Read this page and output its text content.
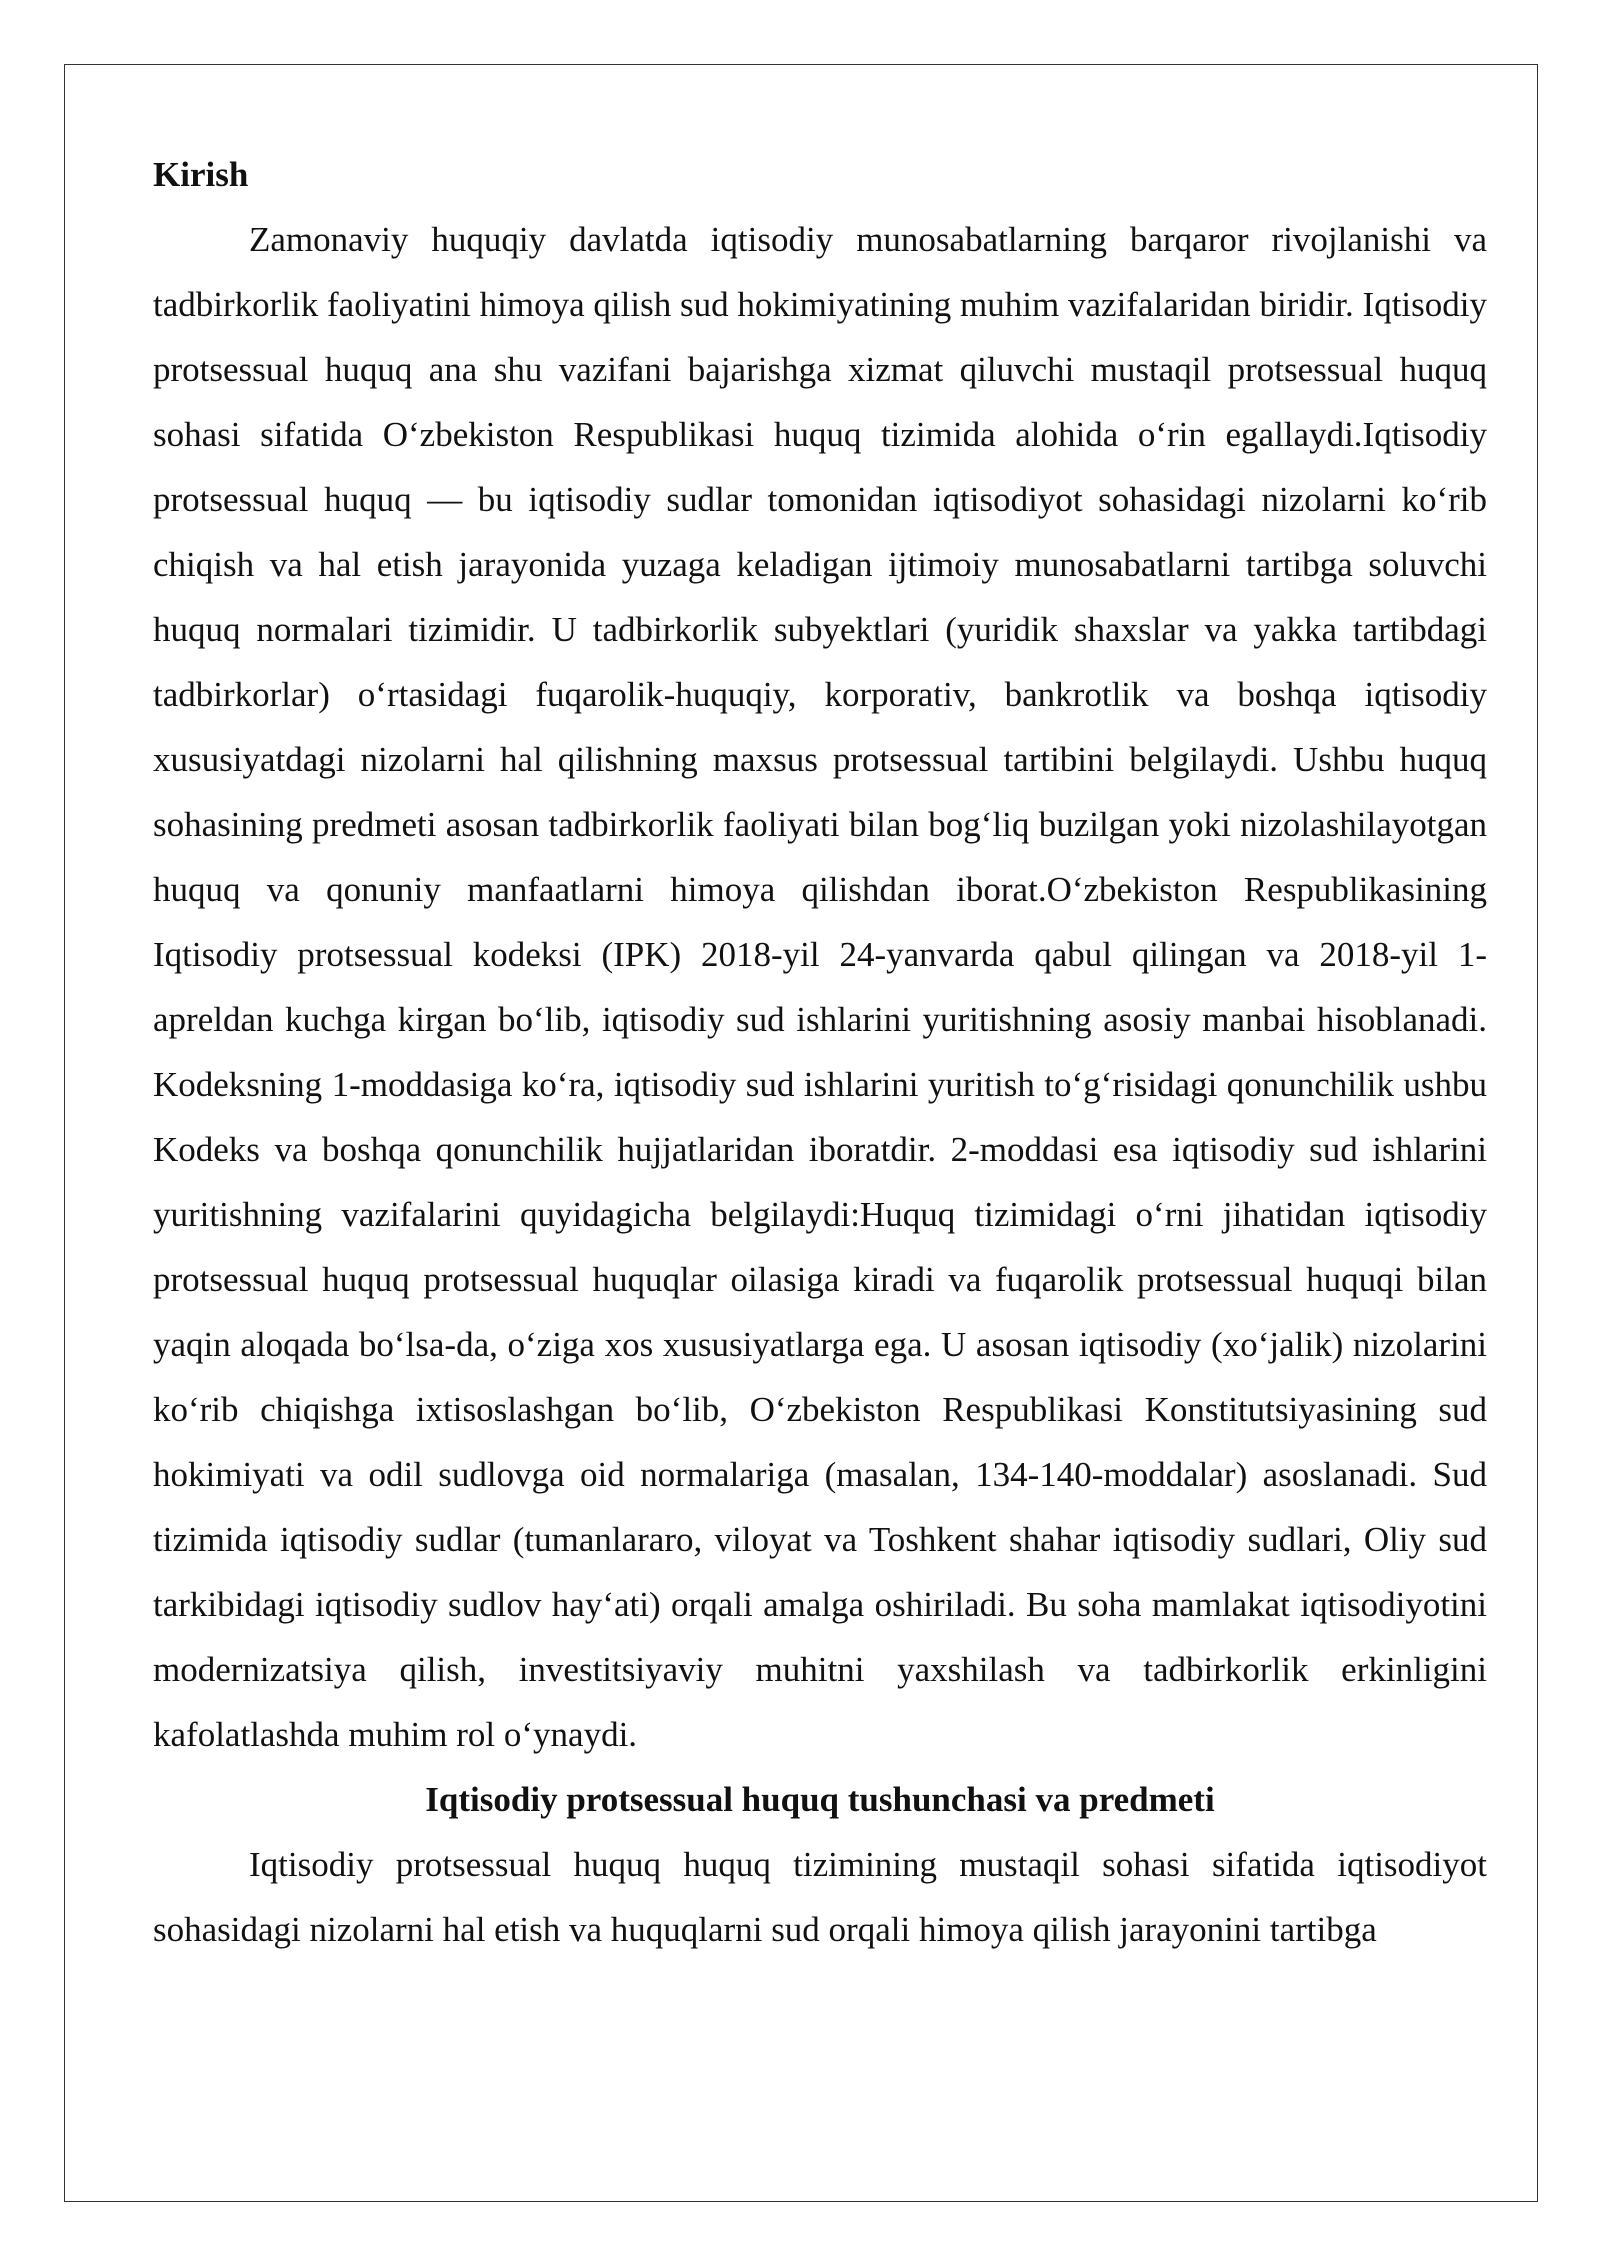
Kirish

Zamonaviy huquqiy davlatda iqtisodiy munosabatlarning barqaror rivojlanishi va tadbirkorlik faoliyatini himoya qilish sud hokimiyatining muhim vazifalaridan biridir. Iqtisodiy protsessual huquq ana shu vazifani bajarishga xizmat qiluvchi mustaqil protsessual huquq sohasi sifatida O‘zbekiston Respublikasi huquq tizimida alohida o‘rin egallaydi.Iqtisodiy protsessual huquq — bu iqtisodiy sudlar tomonidan iqtisodiyot sohasidagi nizolarni ko‘rib chiqish va hal etish jarayonida yuzaga keladigan ijtimoiy munosabatlarni tartibga soluvchi huquq normalari tizimidir. U tadbirkorlik subyektlari (yuridik shaxslar va yakka tartibdagi tadbirkorlar) o‘rtasidagi fuqarolik-huquqiy, korporativ, bankrotlik va boshqa iqtisodiy xususiyatdagi nizolarni hal qilishning maxsus protsessual tartibini belgilaydi. Ushbu huquq sohasining predmeti asosan tadbirkorlik faoliyati bilan bog‘liq buzilgan yoki nizolashilayotgan huquq va qonuniy manfaatlarni himoya qilishdan iborat.O‘zbekiston Respublikasining Iqtisodiy protsessual kodeksi (IPK) 2018-yil 24-yanvarda qabul qilingan va 2018-yil 1-apreldan kuchga kirgan bo‘lib, iqtisodiy sud ishlarini yuritishning asosiy manbai hisoblanadi. Kodeksning 1-moddasiga ko‘ra, iqtisodiy sud ishlarini yuritish to‘g‘risidagi qonunchilik ushbu Kodeks va boshqa qonunchilik hujjatlaridan iboratdir. 2-moddasi esa iqtisodiy sud ishlarini yuritishning vazifalarini quyidagicha belgilaydi:Huquq tizimidagi o‘rni jihatidan iqtisodiy protsessual huquq protsessual huquqlar oilasiga kiradi va fuqarolik protsessual huquqi bilan yaqin aloqada bo‘lsa-da, o‘ziga xos xususiyatlarga ega. U asosan iqtisodiy (xo‘jalik) nizolarini ko‘rib chiqishga ixtisoslashgan bo‘lib, O‘zbekiston Respublikasi Konstitutsiyasining sud hokimiyati va odil sudlovga oid normalariga (masalan, 134-140-moddalar) asoslanadi. Sud tizimida iqtisodiy sudlar (tumanlararo, viloyat va Toshkent shahar iqtisodiy sudlari, Oliy sud tarkibidagi iqtisodiy sudlov hay‘ati) orqali amalga oshiriladi. Bu soha mamlakat iqtisodiyotini modernizatsiya qilish, investitsiyaviy muhitni yaxshilash va tadbirkorlik erkinligini kafolatlashda muhim rol o‘ynaydi.

Iqtisodiy protsessual huquq tushunchasi va predmeti

Iqtisodiy protsessual huquq huquq tizimining mustaqil sohasi sifatida iqtisodiyot sohasidagi nizolarni hal etish va huquqlarni sud orqali himoya qilish jarayonini tartibga
